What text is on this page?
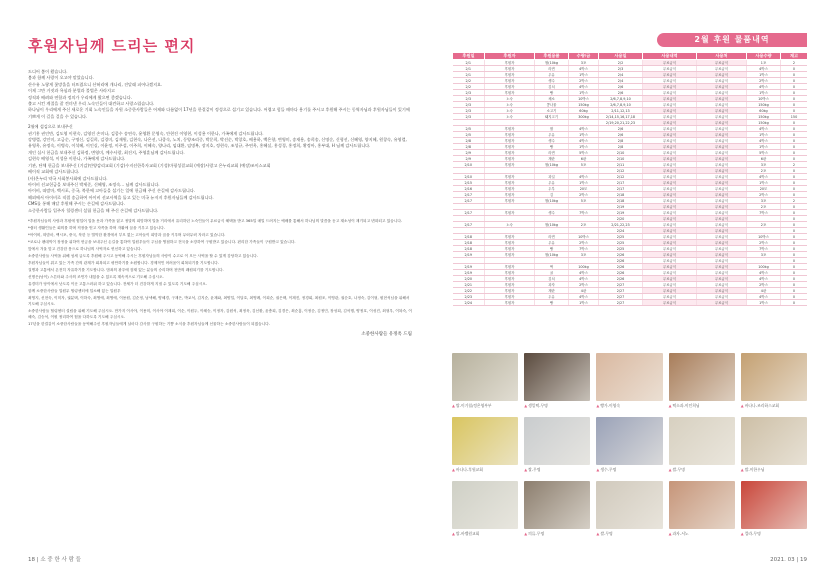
후원자님께 드리는 편지

드디어 봄이 왔습니다.

봄과 함께 사랑이 오고야 말았습니다.

산수유 노랗게 꽃망울을 터뜨렸으니 산허리에 개나리, 진달래 피어나겠지요.

이제 그만 거짓과 욕심과 분열과 불법은 사라지고

정직과 배려와 연합과 정의가 우리에게 왔으면 좋겠습니다.

출고 시킨 계절을 잘 견뎌낸 우리 노숙인들이 대견하고 사랑스럽습니다.

하나님이 우리에게 주신 새로운 기회 노숙인들을 자원 소중한사람들은 어제와 다름없이 17년을 한결같이 정성으로 섬기고 있습니다. 어렵고 힘들 때마다 용기를 주시고 후원해 주시는 동역자님과 후원자님들이 있기에 기쁘게 이 길을 걸을 수 있습니다.

2월에 섬김으로 보내주신

권기홍 권인만, 김도영 이현숙, 김영진 손미나, 김종수 송연숙, 윤영환 문영숙, 안현진 이영현, 이성용 이한나, 가족에게 감사드립니다.

강병렬, 강인미, 고금순, 구명신, 김길희, 김경미, 김재원, 김현숙, 나은선, 나종숙, 노치, 동양조리중, 박문희, 박선순, 박창호, 배용하, 백은향, 변영미, 송재용, 송희송, 신명순, 신형선, 신혜영, 양지혜, 원창숙, 유영렬, 유영옥, 유정숙, 이병숙, 이석혜, 이인실, 이윤정, 이주섭, 이주희, 이혜숙, 양나리, 임대환, 임명복, 장지호, 정현숙, 조성규, 주연옥, 홍혜실, 홍성경, 홍정희, 황정아, 홍부대, H 님께 감사드립니다.

개인 십시 헌금을 보내주신 김하정, 변영미, 예수사랑, 최진지, 주영훈님께 감사드립니다.

김현숙 배영석, 이성용 이한나, 가족에게 감사드립니다.

기관, 단체 헌금을 보내주신 (기감)안양감리교회 (기감)수지선한목자교회 (기성)마평성결교회 (예장)사랑고 은누리교회 (예장)조이스교회

베이직 교회에 감사드립니다.

(사)온누리 약국 사회봉사회에 감사드립니다.

아이비 선교헌금을 보내주신 박세준, 신혜영, 조정숙... 님께 감사드립니다.

아이비, 따맘마, 백시포, 중국, 북한에 고아들을 섬기는 일에 헌금해 주신 손길에 감사드립니다.

해외에서 아이비로 직접 송금하여 아이비 선교사역을 돕고 있는 미국 뉴저지 후원자님들께 감사드립니다.

CMS를 통해 매달 후원해 주시는 손길에 감사드립니다.

소중한사람들 입주자 힐링센터 설립 헌금을 해 주신 손길에 감사드립니다.

*후원자님들의 사랑과 후원에 힘입어 입을 옷과 가족을 잃고 정말의 희망하며 일을 거리에서 유리하던 노숙인들이 무료급식 혜택을 받고 365일 매일 드려지는 예배를 통해서 하나님의 말씀을 듣고 재소성이 재기되고 변화되고 있습니다.

*쉼터 생활인들은 회의를 하며 직장을 얻고 자족을 하며 자활에 꿈을 키우고 있습니다.

*아이비, 따맘마, 백시포, 중국, 북한 등 열악한 환경에서 부모 없는 고아들이 희망과 꿈을 키우며 무럭무럭 자라고 있습니다.

*코로나 팬데믹이 장정을 위하여 헌금을 보내주신 손길을 통하여 입원우들이 주님을 영접하고 전국을 소망하여 구원받고 있습니다. 편리한 가족들이 구원받고 있습니다.

앞에서 겨울 맞고 건강한 몸으로 하나님의 사역자로 헌신하고 있습니다.

소중한사람들 사역을 위해 섬세 급도록 후원해 주시고 동역해 주시는 후원자님들의 사랑이 수고로 이 모든 사역을 할 수 있게 감당하고 있습니다.

후원자님들이 뭐고 있는 가족 간의 관계가 회복되고 평안하기를 소원합니다. 경제적인 어려움이 회복되기를 기도합니다.

질병과 고통에서 온전히 자유하기를 기도합니다. 범죄의 광우에 잠재 있는 분들의 승리하며 천만의 쾌원되기를 기도합니다.

신명은(낭이) 스튼터와 주사의 조언가 내었을 수 있도록 계속적으로 기도해 주십시오.

유경미가 당이에서 낫도록 이곳 고통스러워 하고 있습니다. 전체가 더 건강하게 지낼 수 있도록 기도해 주십시오.

함께 소중한사람들 입원무 힐링센터에 입소해 있는 입원우

최영지, 신현숙, 이미자, 권분택, 이하숙, 최영애, 최영애, 이용원, 김순정, 남넥해, 양혜경, 구재은, 박교석, 김지순, 윤재와, 최양일, 이달호, 최영례, 이희순, 권은택, 이재진, 정경회, 최원조, 이영관, 권순호, 나정숙, 김이형, 원현석님을 위해서 기도해 주십시오.

소중한사람들 힐링센터 설립을 위해 기도해 주십시오. 만가지 이사야, 이용미, 이사야 이재희, 이순, 이원두, 이혜승, 이정자, 김원석, 최정욱, 김선환, 윤충희, 김경은, 최순홍, 이정순, 김정민, 장성희, 김석행, 양정호, 이성진, 최형우, 이복숙, 이혜숙, 김승석, 이원 정리하여 힘을 다하도록 기도해 주십시오.

17년을 한결같이 소중한사람들을 동역해주신 후원자님들에게 날마다 감사를 구원하는 기쁨 소식을 후원자님들께 선물하는 소중한사람들이 되겠습니다.

소중한사람들 유정옥 드림
18 | 소 중 한 사 람 들
2월 후원 물품내역
후원일	후원자	후원용품	수량/금	사용일	사용내역	사용처	사용수량	재고
2/1	후원자	쌀(10kg	3포	2/2	무료급식	무료급식	1포	2
2/1	후원자	라면	4박스	2/3	무료급식	무료급식	4박스	0
2/1	후원자	우유	1박스	2/4	무료급식	무료급식	1박스	0
2/2	후원자	생수	2박스	2/4	무료급식	무료급식	2박스	0
2/2	후원자	김치	4박스	2/6	무료급식	무료급식	4박스	0
2/3	후원자	빵	1박스	2/6	무료급식	무료급식	1박스	0
2/3	노숙	채소	10박스	2/6,7,8,9,10	무료급식	무료급식	10박스	0
2/3	노숙	콩나물	150kg	2/6,7,8,9,10	무료급식	무료급식	150kg	0
2/3	노숙	소고기	60kg	2/11,12,13	무료급식	무료급식	60kg	0
2/3	노숙	돼지고기	300kg	2/14,15,16,17,18	무료급식	무료급식	150kg	150
				2/19,20,21,22,23	무료급식	무료급식	150kg	0
2/5	후원자	쌀	4박스	2/6	무료급식	무료급식	4박스	0
2/5	후원자	우유	1박스	2/6	무료급식	무료급식	1박스	0
2/8	후원자	생수	4박스	2/8	무료급식	무료급식	4박스	0
2/8	후원자	빵	1박스	2/8	무료급식	무료급식	1박스	0
2/9	후원자	라면	5박스	2/10	무료급식	무료급식	5박스	0
2/9	후원자	계란	6판	2/10	무료급식	무료급식	6판	0
2/10	후원자	쌀(10kg	5포	2/11	무료급식	무료급식	3포	2
				2/12	무료급식	무료급식	2포	0
2/10	후원자	과일	4박스	2/12	무료급식	무료급식	4박스	0
2/15	후원자	우유	1박스	2/17	무료급식	무료급식	1박스	0
2/16	후원자	두부	20모	2/17	무료급식	무료급식	20모	0
2/17	후원자	김	2박스	2/18	무료급식	무료급식	2박스	0
2/17	후원자	쌀(10kg	5포	2/18	무료급식	무료급식	3포	2
				2/19	무료급식	무료급식	2포	0
2/17	후원자	생수	7박스	2/19	무료급식	무료급식	7박스	0
				2/20	무료급식	무료급식		0
2/17	노숙	쌀(10kg	2포	2/21,22,23	무료급식	무료급식	2포	0
				2/24	무료급식	무료급식		0
2/18	후원자	라면	10박스	2/25	무료급식	무료급식	10박스	0
2/18	후원자	우유	2박스	2/25	무료급식	무료급식	2박스	0
2/18	후원자	빵	7박스	2/25	무료급식	무료급식	7박스	0
2/19	후원자	쌀(10kg	3포	2/26	무료급식	무료급식	3포	0
				2/26	무료급식	무료급식		0
2/19	후원자	떡	100kg	2/26	무료급식	무료급식	100kg	0
2/19	후원자	귤	4박스	2/26	무료급식	무료급식	4박스	0
2/20	후원자	김치	4박스	2/26	무료급식	무료급식	4박스	0
2/21	후원자	과자	2박스	2/27	무료급식	무료급식	2박스	0
2/22	후원자	계란	4판	2/27	무료급식	무료급식	4판	0
2/23	후원자	두유	4박스	2/27	무료급식	무료급식	4박스	0
2/24	후원자	빵	1박스	2/27	무료급식	무료급식	1박스	0
▲쌀-이기철/정은영부부	▲생일떡-무명	▲빵가-이영숙	▲떡소과-이인희님	▲바나나-조리하스교회
▲바나나-후원교회	▲쌀-무명	▲생수-무명	▲쌀-무명	▲쌀-이한우님
▲쌀-바벨원교회	▲의류-무명	▲쌀-무명	▲과자-서노	▲컵라-무명
2021. 03 | 19
